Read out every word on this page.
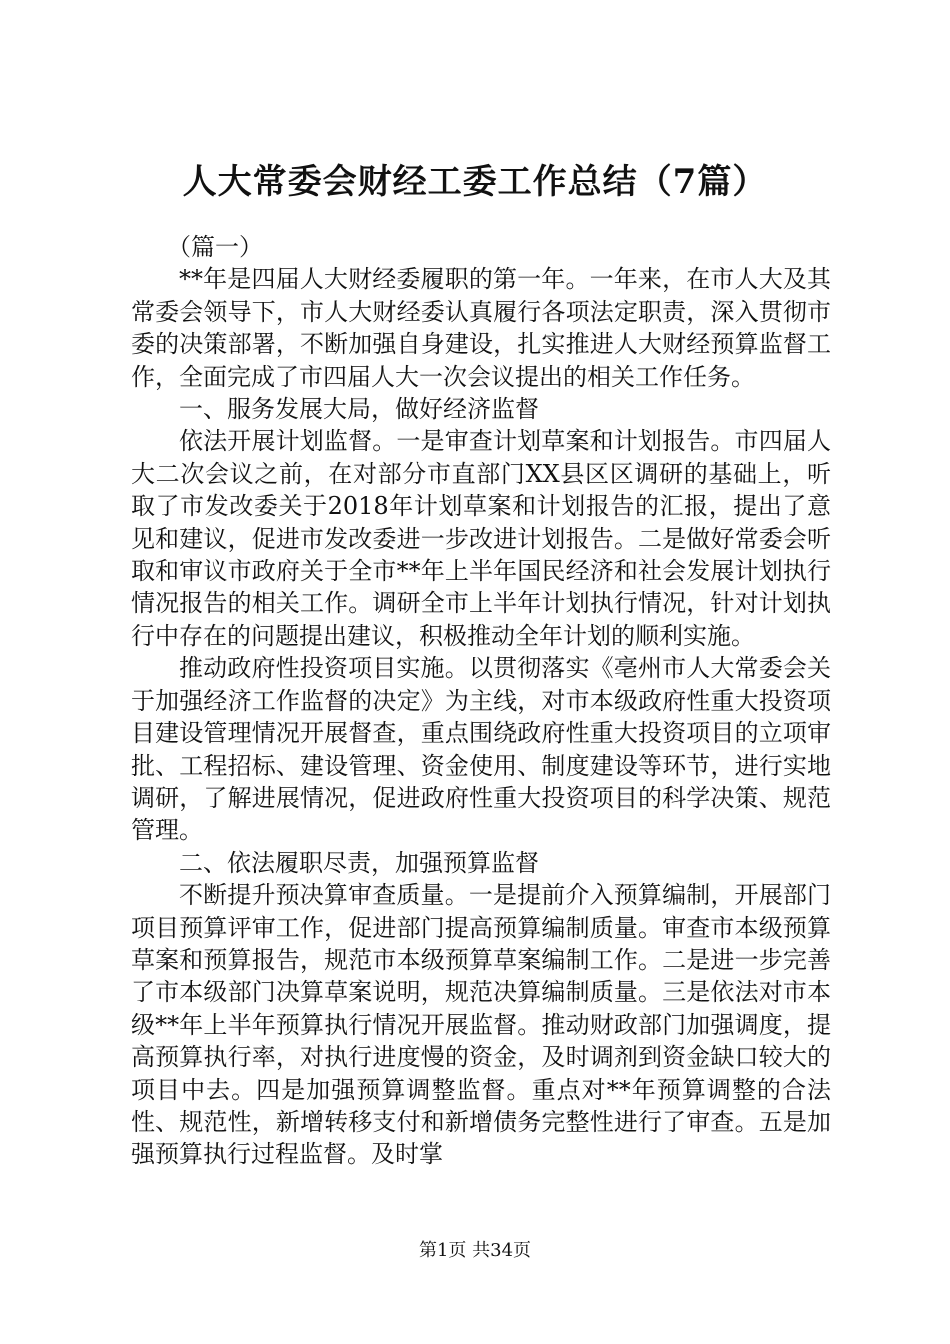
人大常委会财经工委工作总结（7篇）

（篇一）

**年是四届人大财经委履职的第一年。一年来，在市人大及其常委会领导下，市人大财经委认真履行各项法定职责，深入贯彻市委的决策部署，不断加强自身建设，扎实推进人大财经预算监督工作，全面完成了市四届人大一次会议提出的相关工作任务。

一、服务发展大局，做好经济监督

依法开展计划监督。一是审查计划草案和计划报告。市四届人大二次会议之前，在对部分市直部门XX县区区调研的基础上，听取了市发改委关于2018年计划草案和计划报告的汇报，提出了意见和建议，促进市发改委进一步改进计划报告。二是做好常委会听取和审议市政府关于全市**年上半年国民经济和社会发展计划执行情况报告的相关工作。调研全市上半年计划执行情况，针对计划执行中存在的问题提出建议，积极推动全年计划的顺利实施。

推动政府性投资项目实施。以贯彻落实《亳州市人大常委会关于加强经济工作监督的决定》为主线，对市本级政府性重大投资项目建设管理情况开展督查，重点围绕政府性重大投资项目的立项审批、工程招标、建设管理、资金使用、制度建设等环节，进行实地调研，了解进展情况，促进政府性重大投资项目的科学决策、规范管理。

二、依法履职尽责，加强预算监督

不断提升预决算审查质量。一是提前介入预算编制，开展部门项目预算评审工作，促进部门提高预算编制质量。审查市本级预算草案和预算报告，规范市本级预算草案编制工作。二是进一步完善了市本级部门决算草案说明，规范决算编制质量。三是依法对市本级**年上半年预算执行情况开展监督。推动财政部门加强调度，提高预算执行率，对执行进度慢的资金，及时调剂到资金缺口较大的项目中去。四是加强预算调整监督。重点对**年预算调整的合法性、规范性，新增转移支付和新增债务完整性进行了审查。五是加强预算执行过程监督。及时掌

第1页 共34页
